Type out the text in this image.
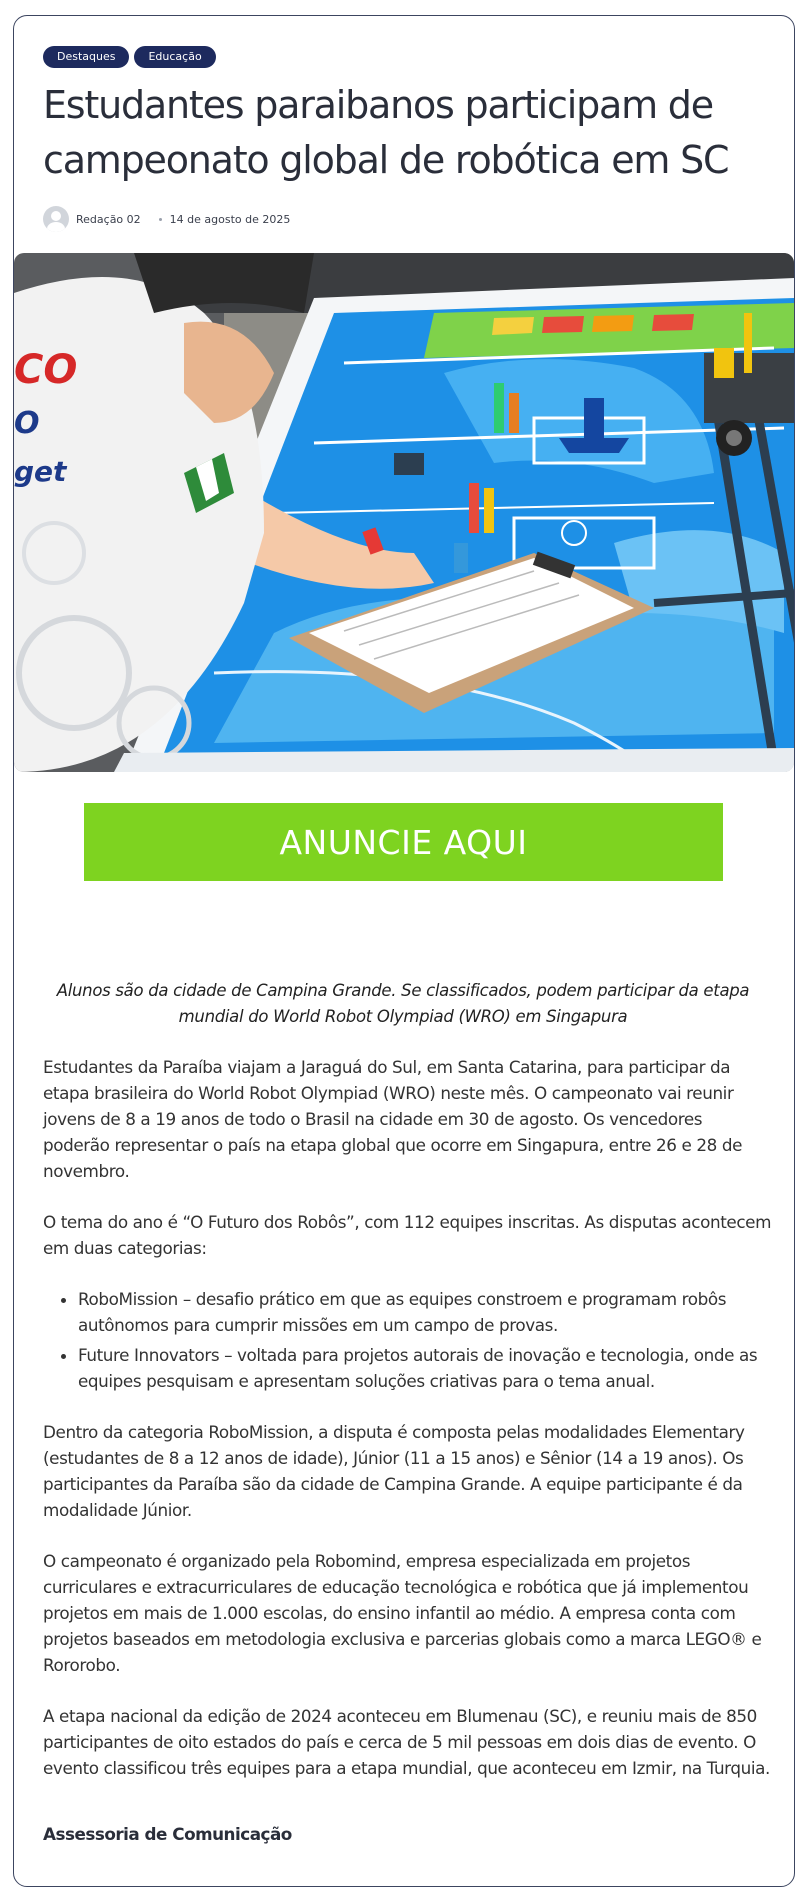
Destaques	Educação
Estudantes paraibanos participam de campeonato global de robótica em SC
Redação 02	14 de agosto de 2025
CO
O
get
ANUNCIE AQUI

Alunos são da cidade de Campina Grande. Se classificados, podem participar da etapa mundial do World Robot Olympiad (WRO) em Singapura

Estudantes da Paraíba viajam a Jaraguá do Sul, em Santa Catarina, para participar da etapa brasileira do World Robot Olympiad (WRO) neste mês. O campeonato vai reunir jovens de 8 a 19 anos de todo o Brasil na cidade em 30 de agosto. Os vencedores poderão representar o país na etapa global que ocorre em Singapura, entre 26 e 28 de novembro.

O tema do ano é “O Futuro dos Robôs”, com 112 equipes inscritas. As disputas acontecem em duas categorias:

• RoboMission – desafio prático em que as equipes constroem e programam robôs autônomos para cumprir missões em um campo de provas.
• Future Innovators – voltada para projetos autorais de inovação e tecnologia, onde as equipes pesquisam e apresentam soluções criativas para o tema anual.

Dentro da categoria RoboMission, a disputa é composta pelas modalidades Elementary (estudantes de 8 a 12 anos de idade), Júnior (11 a 15 anos) e Sênior (14 a 19 anos). Os participantes da Paraíba são da cidade de Campina Grande. A equipe participante é da modalidade Júnior.

O campeonato é organizado pela Robomind, empresa especializada em projetos curriculares e extracurriculares de educação tecnológica e robótica que já implementou projetos em mais de 1.000 escolas, do ensino infantil ao médio. A empresa conta com projetos baseados em metodologia exclusiva e parcerias globais como a marca LEGO® e Rororobo.

A etapa nacional da edição de 2024 aconteceu em Blumenau (SC), e reuniu mais de 850 participantes de oito estados do país e cerca de 5 mil pessoas em dois dias de evento. O evento classificou três equipes para a etapa mundial, que aconteceu em Izmir, na Turquia.

Assessoria de Comunicação
